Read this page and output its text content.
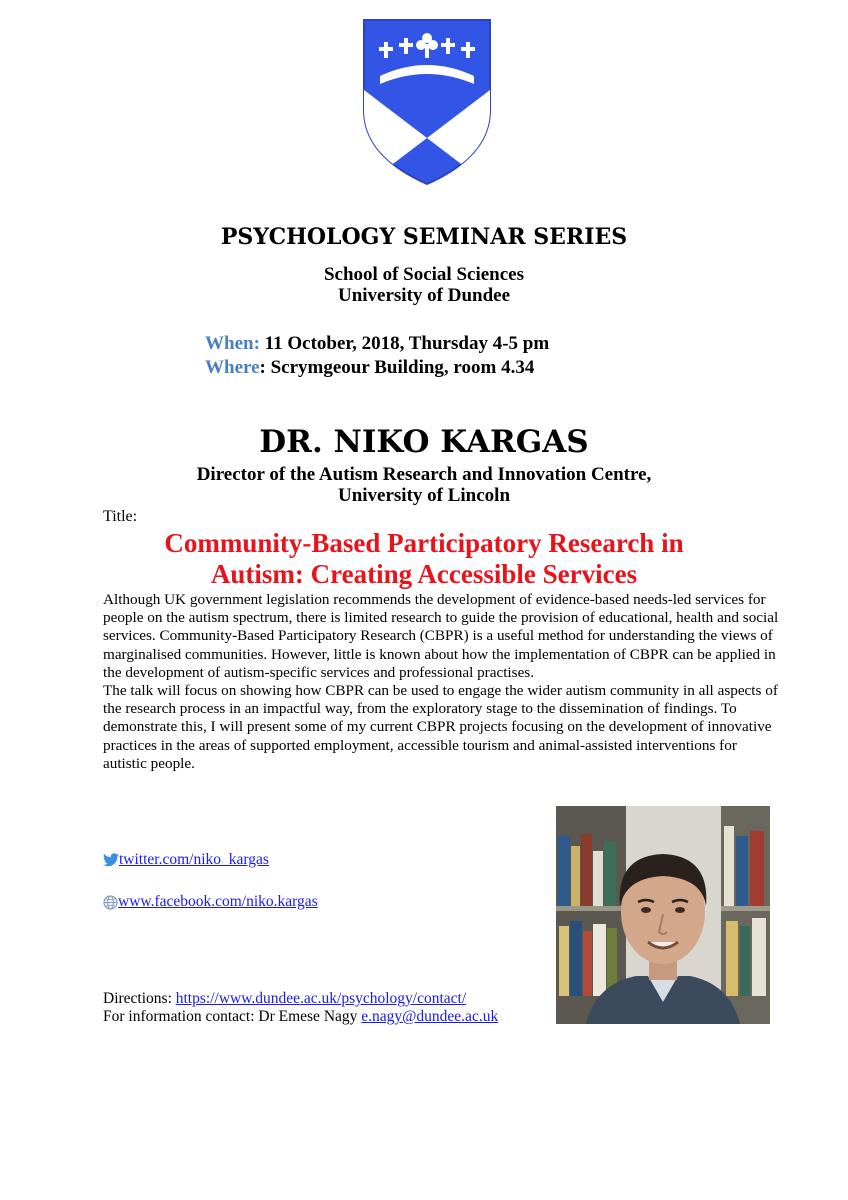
PSYCHOLOGY SEMINAR SERIES
School of Social Sciences
University of Dundee
When: 11 October, 2018, Thursday 4-5 pm
Where: Scrymgeour Building, room 4.34
DR. NIKO KARGAS
Director of the Autism Research and Innovation Centre,
University of Lincoln
Title:
Community-Based Participatory Research in
Autism: Creating Accessible Services

Although UK government legislation recommends the development of evidence-based needs-led services for people on the autism spectrum, there is limited research to guide the provision of educational, health and social services. Community-Based Participatory Research (CBPR) is a useful method for understanding the views of marginalised communities. However, little is known about how the implementation of CBPR can be applied in the development of autism-specific services and professional practises.

The talk will focus on showing how CBPR can be used to engage the wider autism community in all aspects of the research process in an impactful way, from the exploratory stage to the dissemination of findings. To demonstrate this, I will present some of my current CBPR projects focusing on the development of innovative practices in the areas of supported employment, accessible tourism and animal-assisted interventions for autistic people.

twitter.com/niko_kargas
www.facebook.com/niko.kargas
Directions: https://www.dundee.ac.uk/psychology/contact/
For information contact: Dr Emese Nagy e.nagy@dundee.ac.uk
